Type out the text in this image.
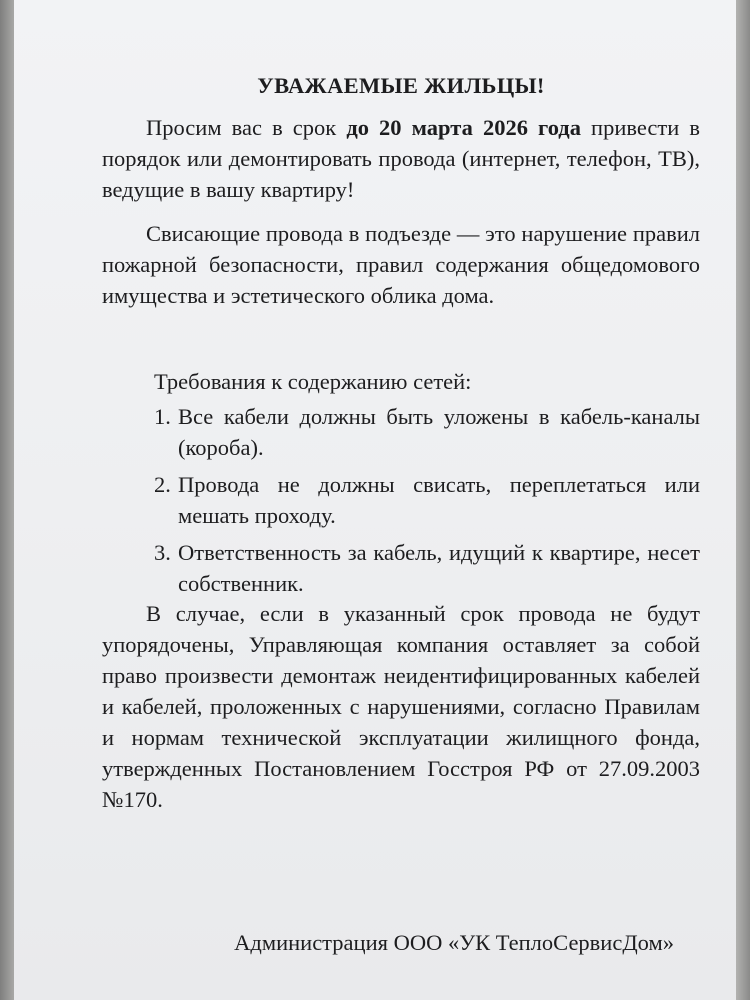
УВАЖАЕМЫЕ ЖИЛЬЦЫ!

Просим вас в срок до 20 марта 2026 года привести в порядок или демонтировать провода (интернет, телефон, ТВ), ведущие в вашу квартиру!

Свисающие провода в подъезде — это нарушение правил пожарной безопасности, правил содержания общедомового имущества и эстетического облика дома.

Требования к содержанию сетей:

1. Все кабели должны быть уложены в кабель-каналы (короба).
2. Провода не должны свисать, переплетаться или мешать проходу.
3. Ответственность за кабель, идущий к квартире, несет собственник.

В случае, если в указанный срок провода не будут упорядочены, Управляющая компания оставляет за собой право произвести демонтаж неидентифицированных кабелей и кабелей, проложенных с нарушениями, согласно Правилам и нормам технической эксплуатации жилищного фонда, утвержденных Постановлением Госстроя РФ от 27.09.2003 №170.

Администрация ООО «УК ТеплоСервисДом»
